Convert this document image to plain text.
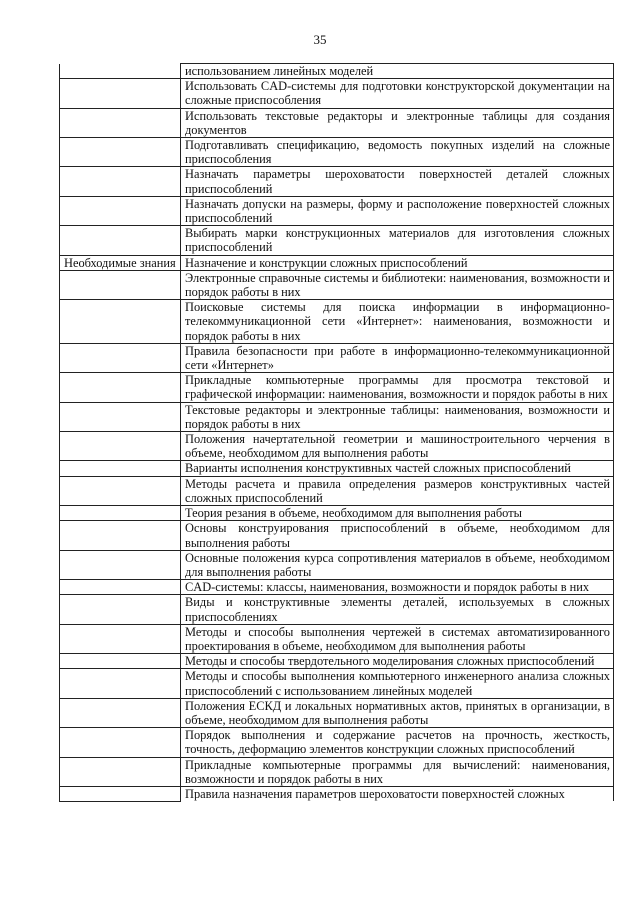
35
	использованием линейных моделей
	Использовать CAD-системы для подготовки конструкторской документации на сложные приспособления
	Использовать текстовые редакторы и электронные таблицы для создания документов
	Подготавливать спецификацию, ведомость покупных изделий на сложные приспособления
	Назначать параметры шероховатости поверхностей деталей сложных приспособлений
	Назначать допуски на размеры, форму и расположение поверхностей сложных приспособлений
	Выбирать марки конструкционных материалов для изготовления сложных приспособлений
Необходимые знания	Назначение и конструкции сложных приспособлений
	Электронные справочные системы и библиотеки: наименования, возможности и порядок работы в них
	Поисковые системы для поиска информации в информационно-телекоммуникационной сети «Интернет»: наименования, возможности и порядок работы в них
	Правила безопасности при работе в информационно-телекоммуникационной сети «Интернет»
	Прикладные компьютерные программы для просмотра текстовой и графической информации: наименования, возможности и порядок работы в них
	Текстовые редакторы и электронные таблицы: наименования, возможности и порядок работы в них
	Положения начертательной геометрии и машиностроительного черчения в объеме, необходимом для выполнения работы
	Варианты исполнения конструктивных частей сложных приспособлений
	Методы расчета и правила определения размеров конструктивных частей сложных приспособлений
	Теория резания в объеме, необходимом для выполнения работы
	Основы конструирования приспособлений в объеме, необходимом для выполнения работы
	Основные положения курса сопротивления материалов в объеме, необходимом для выполнения работы
	CAD-системы: классы, наименования, возможности и порядок работы в них
	Виды и конструктивные элементы деталей, используемых в сложных приспособлениях
	Методы и способы выполнения чертежей в системах автоматизированного проектирования в объеме, необходимом для выполнения работы
	Методы и способы твердотельного моделирования сложных приспособлений
	Методы и способы выполнения компьютерного инженерного анализа сложных приспособлений с использованием линейных моделей
	Положения ЕСКД и локальных нормативных актов, принятых в организации, в объеме, необходимом для выполнения работы
	Порядок выполнения и содержание расчетов на прочность, жесткость, точность, деформацию элементов конструкции сложных приспособлений
	Прикладные компьютерные программы для вычислений: наименования, возможности и порядок работы в них
	Правила назначения параметров шероховатости поверхностей сложных
